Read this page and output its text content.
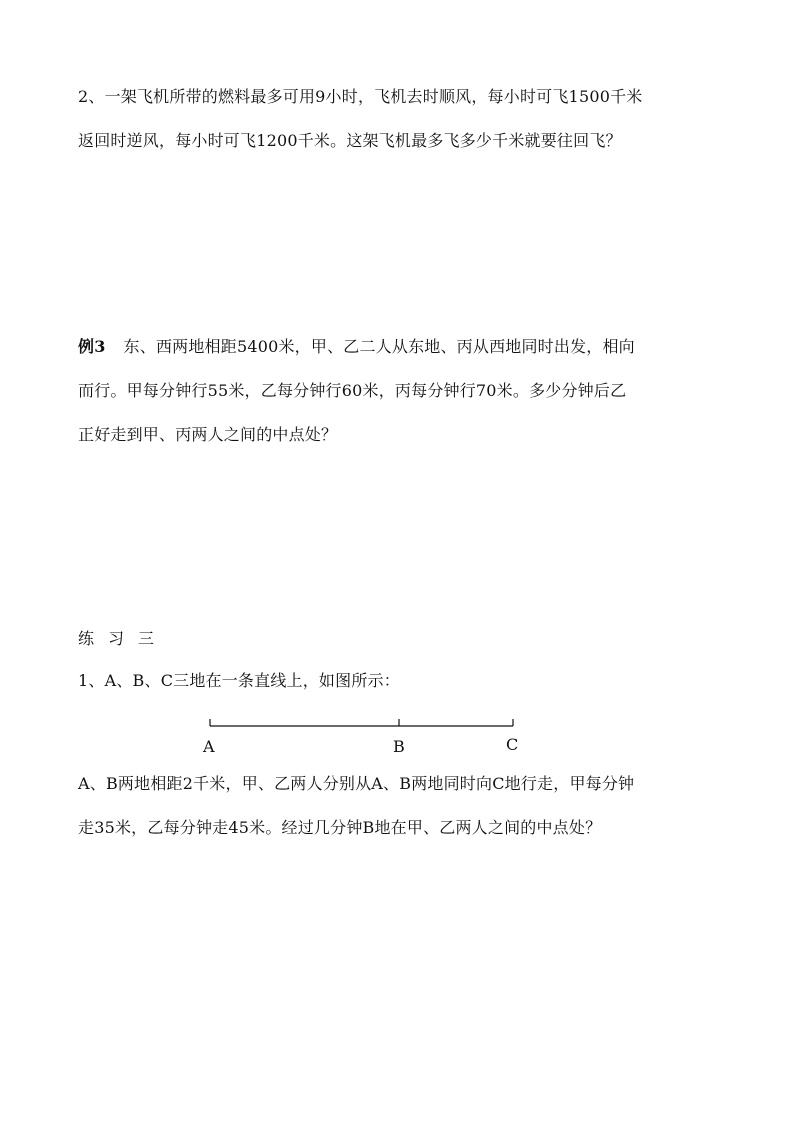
2、一架飞机所带的燃料最多可用9小时，飞机去时顺风，每小时可飞1500千米
返回时逆风，每小时可飞1200千米。这架飞机最多飞多少千米就要往回飞？
例3 东、西两地相距5400米，甲、乙二人从东地、丙从西地同时出发，相向
而行。甲每分钟行55米，乙每分钟行60米，丙每分钟行70米。多少分钟后乙
正好走到甲、丙两人之间的中点处？
练习三
1、A、B、C三地在一条直线上，如图所示：
A	B	C
A、B两地相距2千米，甲、乙两人分别从A、B两地同时向C地行走，甲每分钟
走35米，乙每分钟走45米。经过几分钟B地在甲、乙两人之间的中点处？
